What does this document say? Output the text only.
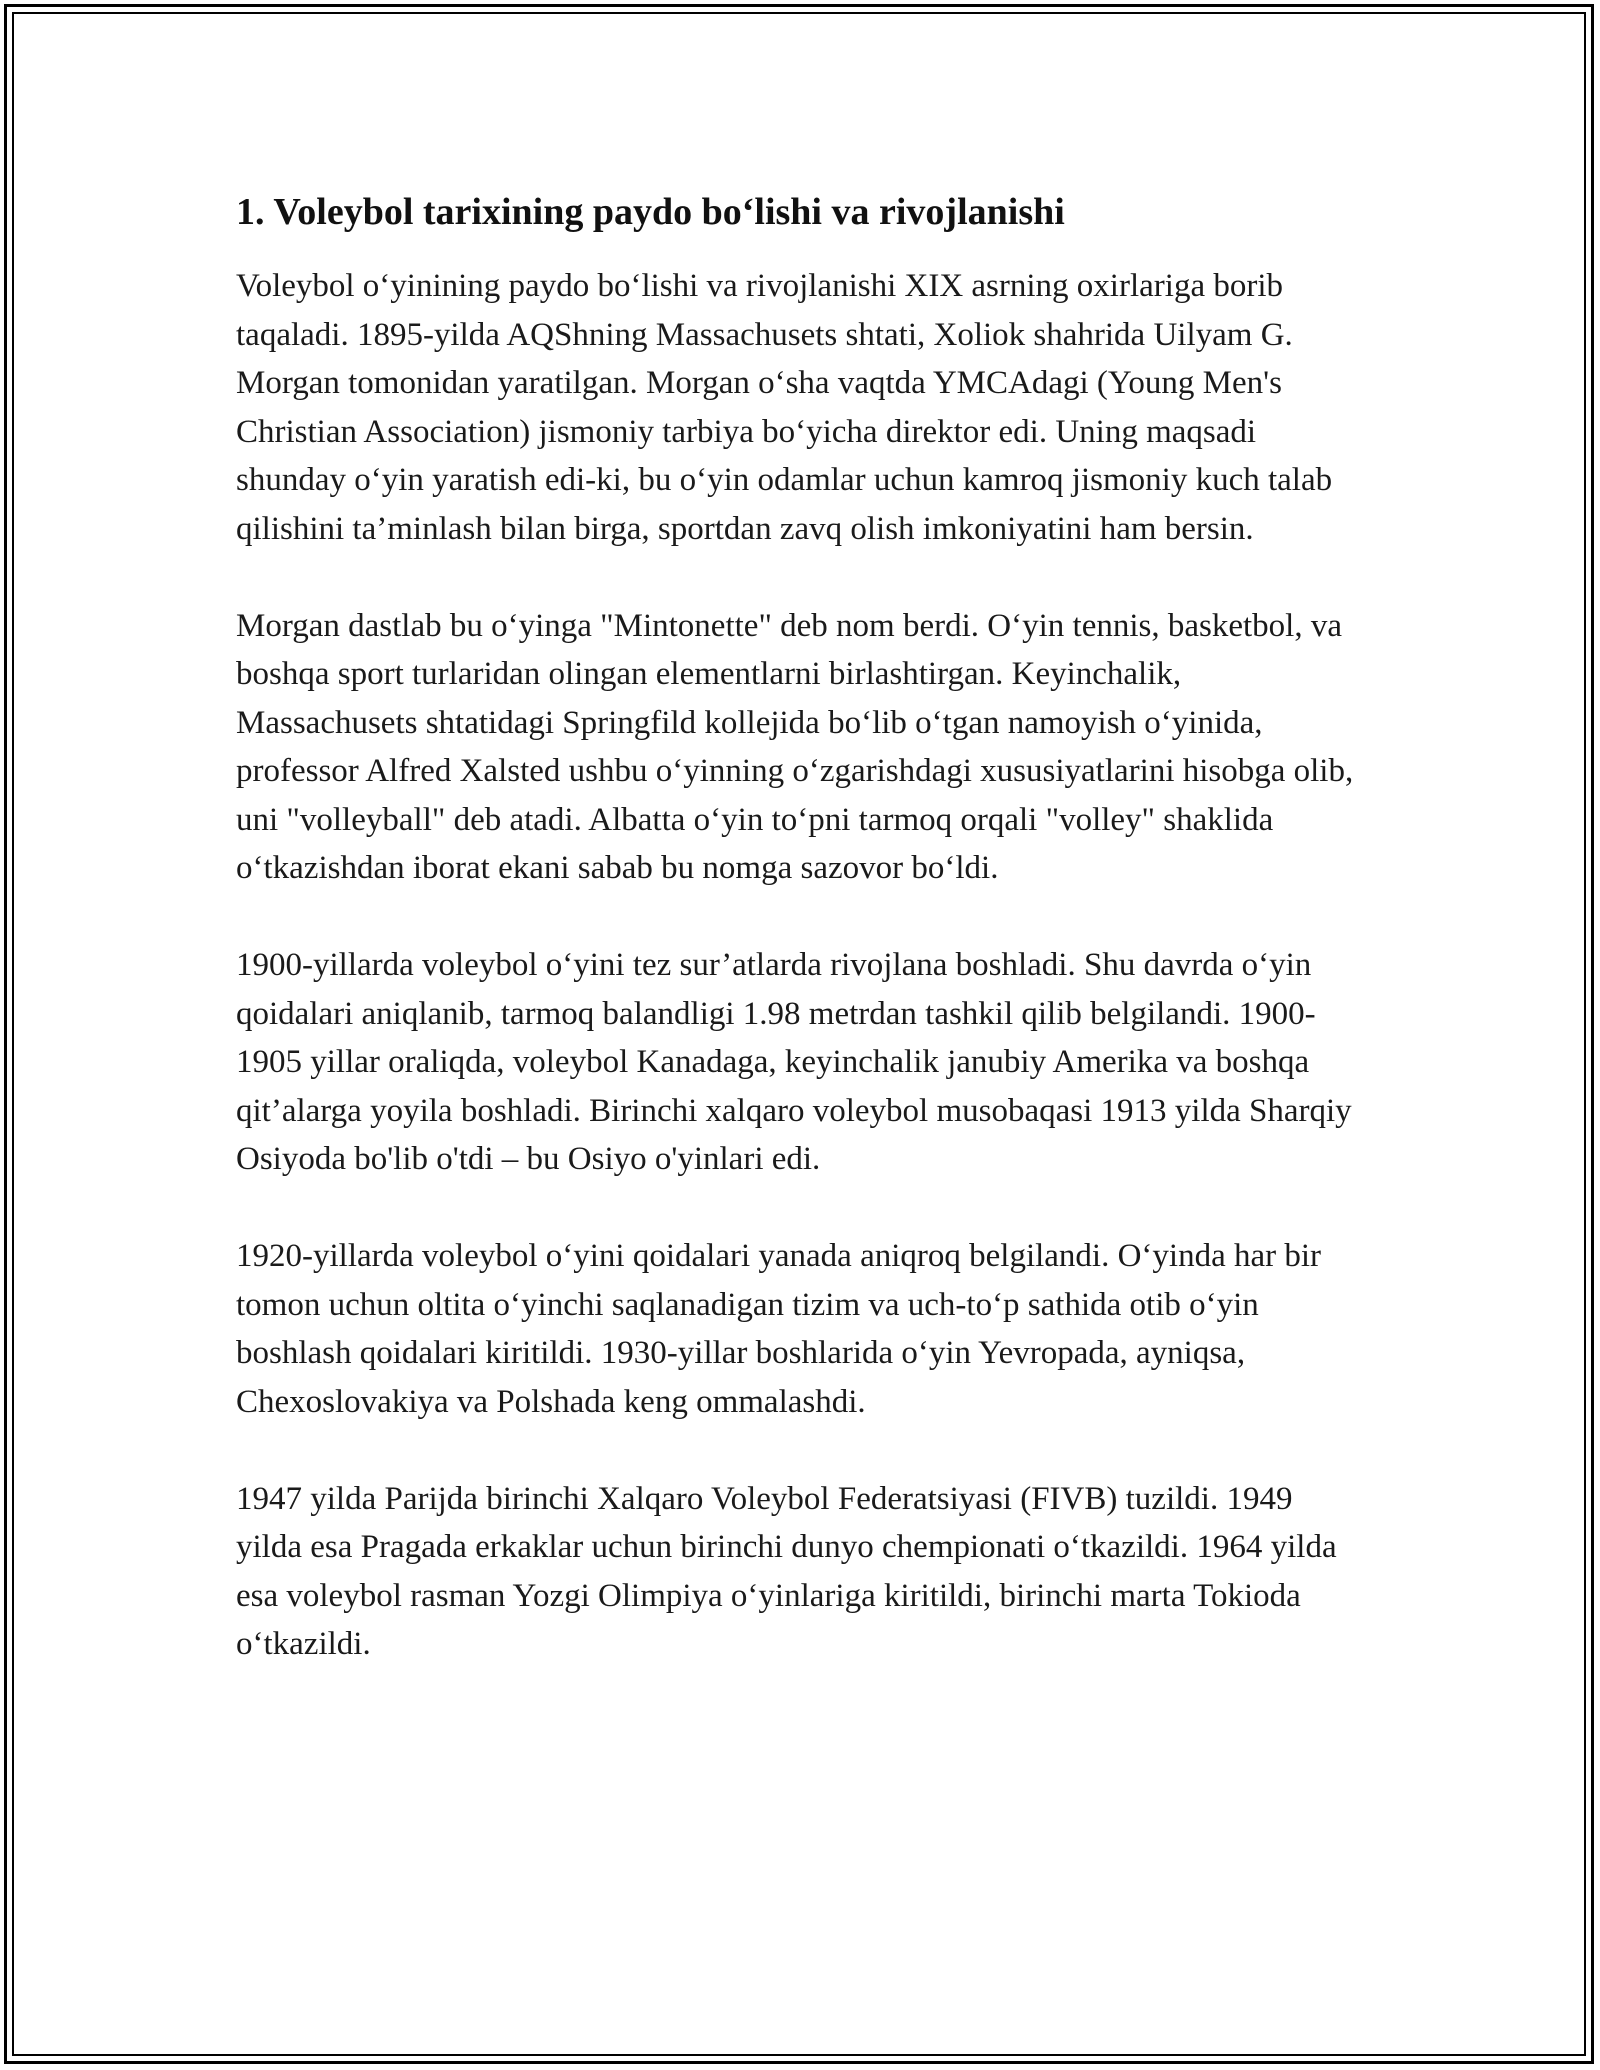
1. Voleybol tarixining paydo bo‘lishi va rivojlanishi

Voleybol o‘yinining paydo bo‘lishi va rivojlanishi XIX asrning oxirlariga borib taqaladi. 1895-yilda AQShning Massachusets shtati, Xoliok shahrida Uilyam G. Morgan tomonidan yaratilgan. Morgan o‘sha vaqtda YMCAdagi (Young Men's Christian Association) jismoniy tarbiya bo‘yicha direktor edi. Uning maqsadi shunday o‘yin yaratish edi-ki, bu o‘yin odamlar uchun kamroq jismoniy kuch talab qilishini ta’minlash bilan birga, sportdan zavq olish imkoniyatini ham bersin.

Morgan dastlab bu o‘yinga "Mintonette" deb nom berdi. O‘yin tennis, basketbol, va boshqa sport turlaridan olingan elementlarni birlashtirgan. Keyinchalik, Massachusets shtatidagi Springfild kollejida bo‘lib o‘tgan namoyish o‘yinida, professor Alfred Xalsted ushbu o‘yinning o‘zgarishdagi xususiyatlarini hisobga olib, uni "volleyball" deb atadi. Albatta o‘yin to‘pni tarmoq orqali "volley" shaklida o‘tkazishdan iborat ekani sabab bu nomga sazovor bo‘ldi.

1900-yillarda voleybol o‘yini tez sur’atlarda rivojlana boshladi. Shu davrda o‘yin qoidalari aniqlanib, tarmoq balandligi 1.98 metrdan tashkil qilib belgilandi. 1900-1905 yillar oraliqda, voleybol Kanadaga, keyinchalik janubiy Amerika va boshqa qit’alarga yoyila boshladi. Birinchi xalqaro voleybol musobaqasi 1913 yilda Sharqiy Osiyoda bo'lib o'tdi – bu Osiyo o'yinlari edi.

1920-yillarda voleybol o‘yini qoidalari yanada aniqroq belgilandi. O‘yinda har bir tomon uchun oltita o‘yinchi saqlanadigan tizim va uch-to‘p sathida otib o‘yin boshlash qoidalari kiritildi. 1930-yillar boshlarida o‘yin Yevropada, ayniqsa, Chexoslovakiya va Polshada keng ommalashdi.

1947 yilda Parijda birinchi Xalqaro Voleybol Federatsiyasi (FIVB) tuzildi. 1949 yilda esa Pragada erkaklar uchun birinchi dunyo chempionati o‘tkazildi. 1964 yilda esa voleybol rasman Yozgi Olimpiya o‘yinlariga kiritildi, birinchi marta Tokioda o‘tkazildi.
